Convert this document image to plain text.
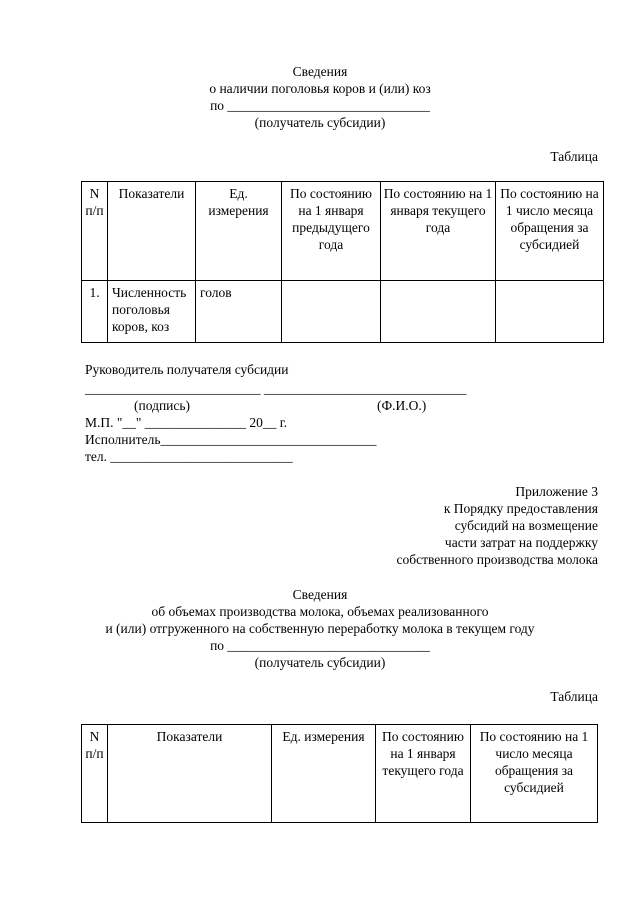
Сведения
о наличии поголовья коров и (или) коз
по ______________________________
(получатель субсидии)
Таблица
N п/п	Показатели	Ед. измерения	По состоянию на 1 января предыдущего года	По состоянию на 1 января текущего года	По состоянию на 1 число месяца обращения за субсидией
1.	Численность поголовья коров, коз	голов			
Руководитель получателя субсидии
__________________________ ______________________________
(подпись)	(Ф.И.О.)
М.П. "__" _______________ 20__ г.
Исполнитель________________________________
тел. ___________________________
Приложение 3
к Порядку предоставления
субсидий на возмещение
части затрат на поддержку
собственного производства молока
Сведения
об объемах производства молока, объемах реализованного
и (или) отгруженного на собственную переработку молока в текущем году
по ______________________________
(получатель субсидии)
Таблица
N п/п	Показатели	Ед. измерения	По состоянию на 1 января текущего года	По состоянию на 1 число месяца обращения за субсидией
